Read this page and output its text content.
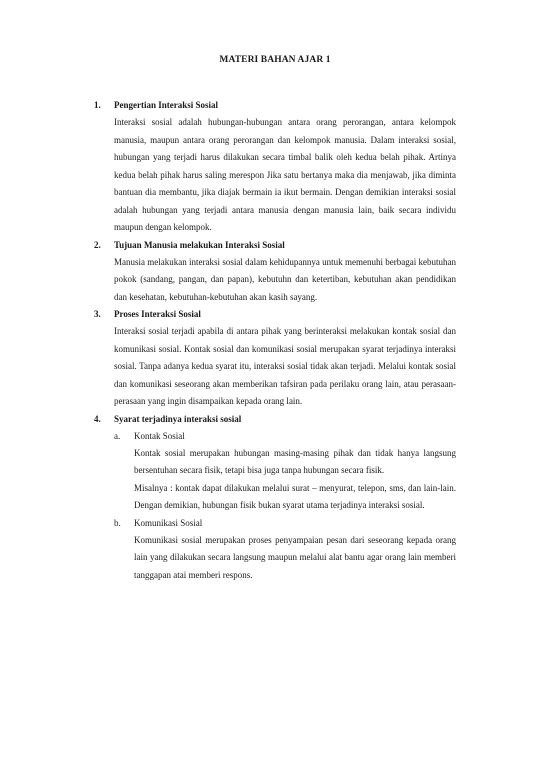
MATERI BAHAN AJAR 1
1.	Pengertian Interaksi Sosial
Interaksi sosial adalah hubungan-hubungan antara orang perorangan, antara kelompok manusia, maupun antara orang perorangan dan kelompok manusia. Dalam interaksi sosial, hubungan yang terjadi harus dilakukan secara timbal balik oleh kedua belah pihak. Artinya kedua belah pihak harus saling merespon Jika satu bertanya maka dia menjawab, jika diminta bantuan dia membantu, jika diajak bermain ia ikut bermain. Dengan demikian interaksi sosial adalah hubungan yang terjadi antara manusia dengan manusia lain, baik secara individu maupun dengan kelompok.
2.	Tujuan Manusia melakukan Interaksi Sosial
Manusia melakukan interaksi sosial dalam kehidupannya untuk memenuhi berbagai kebutuhan pokok (sandang, pangan, dan papan), kebutuhn dan ketertiban, kebutuhan akan pendidikan dan kesehatan, kebutuhan-kebutuhan akan kasih sayang.
3.	Proses Interaksi Sosial
Interaksi sosial terjadi apabila di antara pihak yang berinteraksi melakukan kontak sosial dan komunikasi sosial. Kontak sosial dan komunikasi sosial merupakan syarat terjadinya interaksi sosial. Tanpa adanya kedua syarat itu, interaksi sosial tidak akan terjadi. Melalui kontak sosial dan komunikasi seseorang akan memberikan tafsiran pada perilaku orang lain, atau perasaan-perasaan yang ingin disampaikan kepada orang lain.
4.	Syarat terjadinya interaksi sosial
a.	Kontak Sosial
Kontak sosial merupakan hubungan masing-masing pihak dan tidak hanya langsung bersentuhan secara fisik, tetapi bisa juga tanpa hubungan secara fisik.
Misalnya : kontak dapat dilakukan melalui surat – menyurat, telepon, sms, dan lain-lain. Dengan demikian, hubungan fisik bukan syarat utama terjadinya interaksi sosial.
b.	Komunikasi Sosial
Komunikasi sosial merupakan proses penyampaian pesan dari seseorang kepada orang lain yang dilakukan secara langsung maupun melalui alat bantu agar orang lain memberi tanggapan atai memberi respons.
